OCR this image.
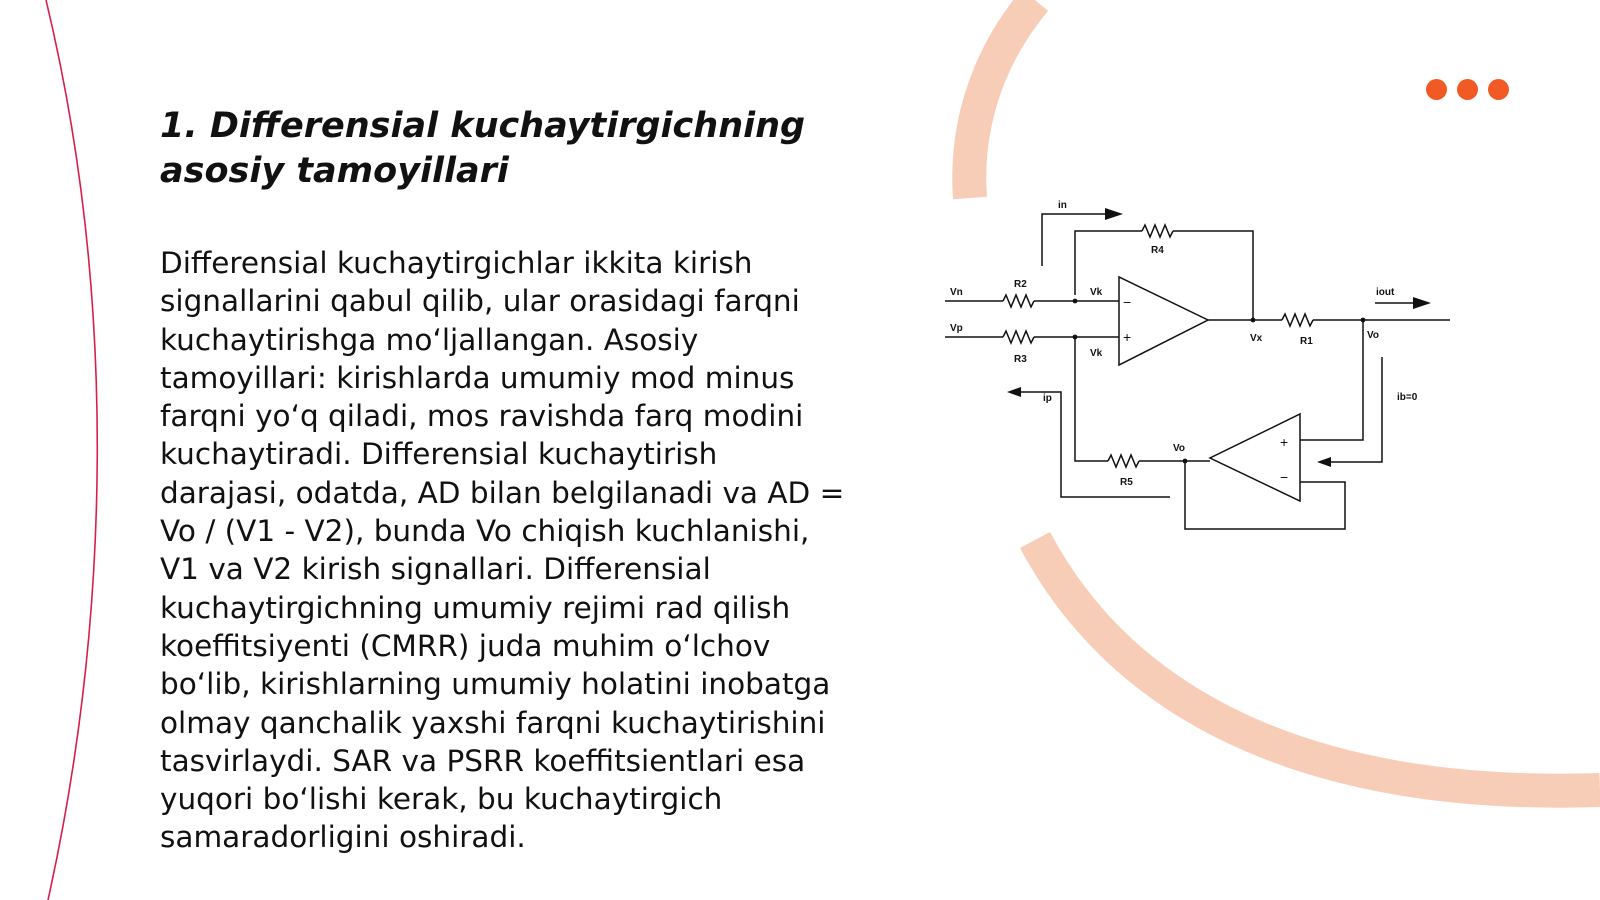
1. Differensial kuchaytirgichning asosiy tamoyillari

Differensial kuchaytirgichlar ikkita kirish signallarini qabul qilib, ular orasidagi farqni kuchaytirishga mo‘ljallangan. Asosiy tamoyillari: kirishlarda umumiy mod minus farqni yo‘q qiladi, mos ravishda farq modini kuchaytiradi. Differensial kuchaytirish darajasi, odatda, AD bilan belgilanadi va AD = Vo / (V1 - V2), bunda Vo chiqish kuchlanishi, V1 va V2 kirish signallari. Differensial kuchaytirgichning umumiy rejimi rad qilish koeffitsiyenti (CMRR) juda muhim o‘lchov bo‘lib, kirishlarning umumiy holatini inobatga olmay qanchalik yaxshi farqni kuchaytirishini tasvirlaydi. SAR va PSRR koeffitsientlari esa yuqori bo‘lishi kerak, bu kuchaytirgich samaradorligini oshiradi.

in
R4
R2
Vn	Vk
−
+
iout
Vp
Vx	R1
Vo
R3
Vk
ip	ib=0
Vo	+
−
R5
